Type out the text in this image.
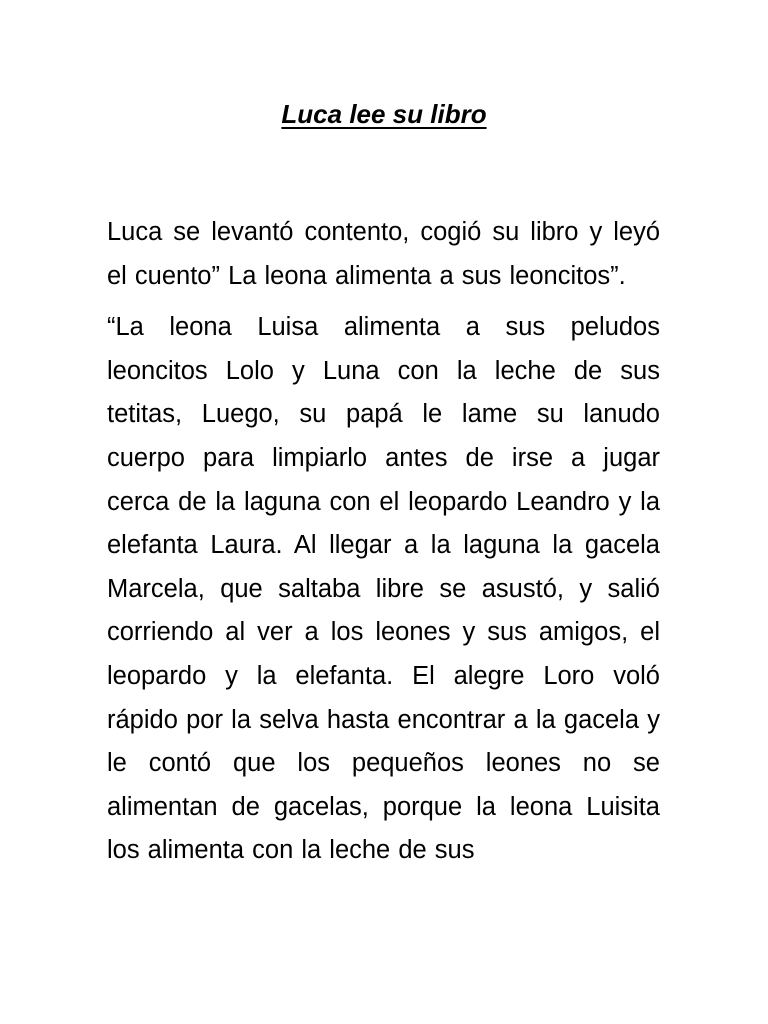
Luca lee su libro

Luca se levantó contento, cogió su libro y leyó el cuento” La leona alimenta a sus leoncitos”.

“La leona Luisa alimenta a sus peludos leoncitos Lolo y Luna con la leche de sus tetitas, Luego, su papá le lame su lanudo cuerpo para limpiarlo antes de irse a jugar cerca de la laguna con el leopardo Leandro y la elefanta Laura. Al llegar a la laguna la gacela Marcela, que saltaba libre se asustó, y salió corriendo al ver a los leones y sus amigos, el leopardo y la elefanta. El alegre Loro voló rápido por la selva hasta encontrar a la gacela y le contó que los pequeños leones no se alimentan de gacelas, porque la leona Luisita los alimenta con la leche de sus
